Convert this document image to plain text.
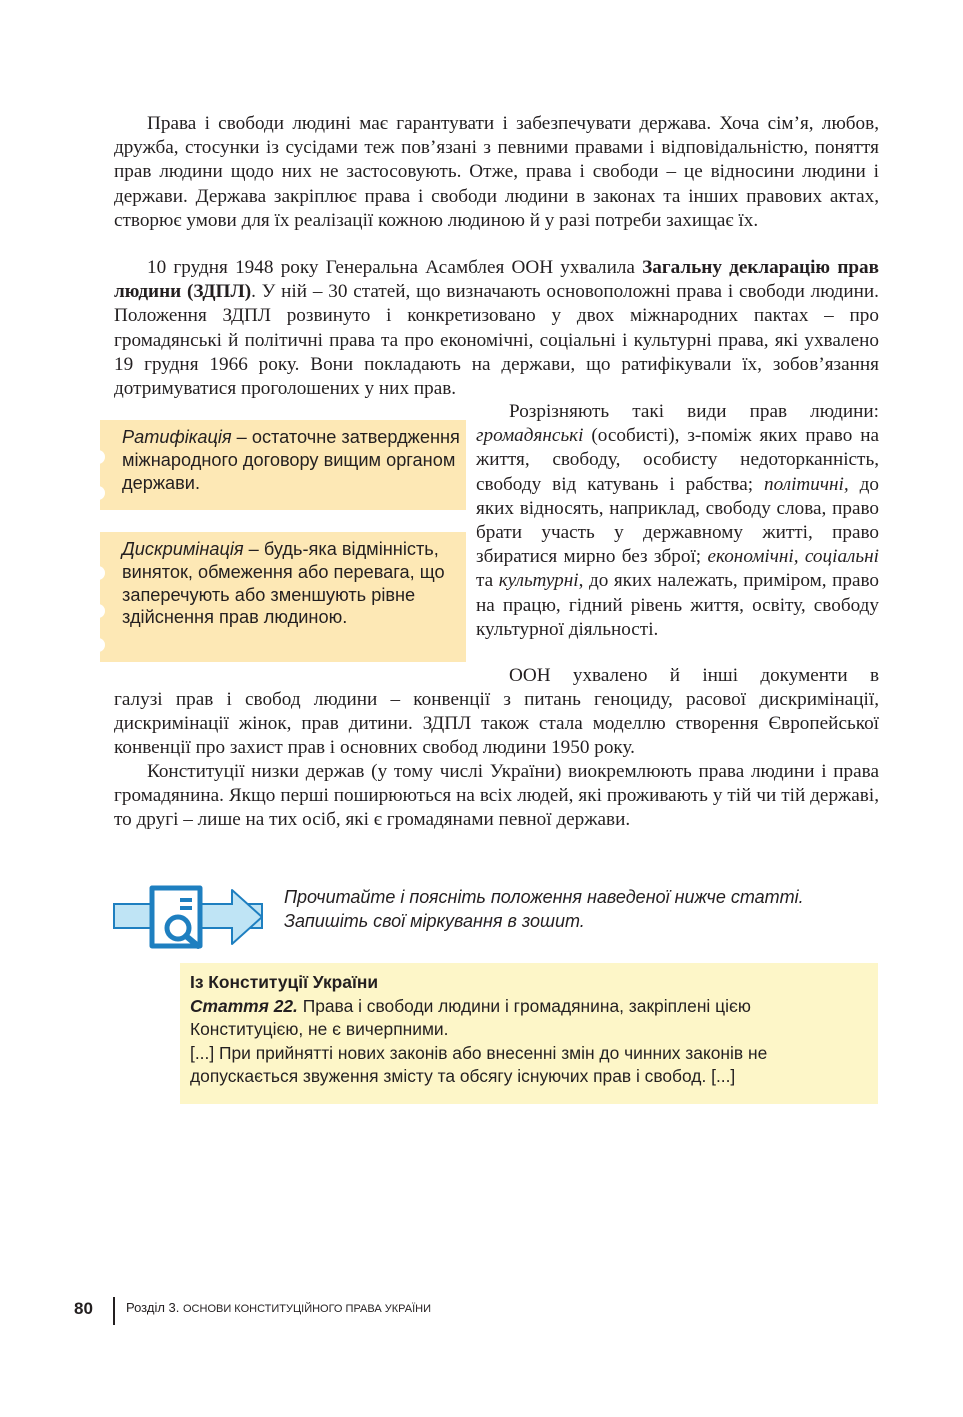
Права і свободи людині має гарантувати і забезпечувати держава. Хоча сім’я, любов, дружба, стосунки із сусідами теж пов’язані з певними правами і відповідальністю, поняття прав людини щодо них не застосовують. Отже, права і свободи – це відносини людини і держави. Держава закріплює права і свободи людини в законах та інших правових актах, створює умови для їх реалізації кожною людиною й у разі потреби захищає їх.

10 грудня 1948 року Генеральна Асамблея ООН ухвалила Загальну декларацію прав людини (ЗДПЛ). У ній – 30 статей, що визначають основоположні права і свободи людини. Положення ЗДПЛ розвинуто і конкретизовано у двох міжнародних пактах – про громадянські й політичні права та про економічні, соціальні і культурні права, які ухвалено 19 грудня 1966 року. Вони покладають на держави, що ратифікували їх, зобов’язання дотримуватися проголошених у них прав.

Ратифікація – остаточне затвердження міжнародного договору вищим органом держави.
Дискримінація – будь-яка відмінність, виняток, обмеження або перевага, що заперечують або зменшують рівне здійснення прав людиною.

Розрізняють такі види прав людини: громадянські (особисті), з-поміж яких право на життя, свободу, особисту недоторканність, свободу від катувань і рабства; політичні, до яких відносять, наприклад, свободу слова, право брати участь у державному житті, право збиратися мирно без зброї; економічні, соціальні та культурні, до яких належать, приміром, право на працю, гідний рівень життя, освіту, свободу культурної діяльності.

ООН ухвалено й інші документи в

галузі прав і свобод людини – конвенції з питань геноциду, расової дискримінації, дискримінації жінок, прав дитини. ЗДПЛ також стала моделлю створення Європейської конвенції про захист прав і основних свобод людини 1950 року.

Конституції низки держав (у тому числі України) виокремлюють права людини і права громадянина. Якщо перші поширюються на всіх людей, які проживають у тій чи тій державі, то другі – лише на тих осіб, які є громадянами певної держави.

Прочитайте і поясніть положення наведеної нижче статті.
Запишіть свої міркування в зошит.
Із Конституції України
Стаття 22. Права і свободи людини і громадянина, закріплені цією Конституцією, не є вичерпними.
[...] При прийнятті нових законів або внесенні змін до чинних законів не допускається звуження змісту та обсягу існуючих прав і свобод. [...]
80	Розділ 3. ОСНОВИ КОНСТИТУЦІЙНОГО ПРАВА УКРАЇНИ
